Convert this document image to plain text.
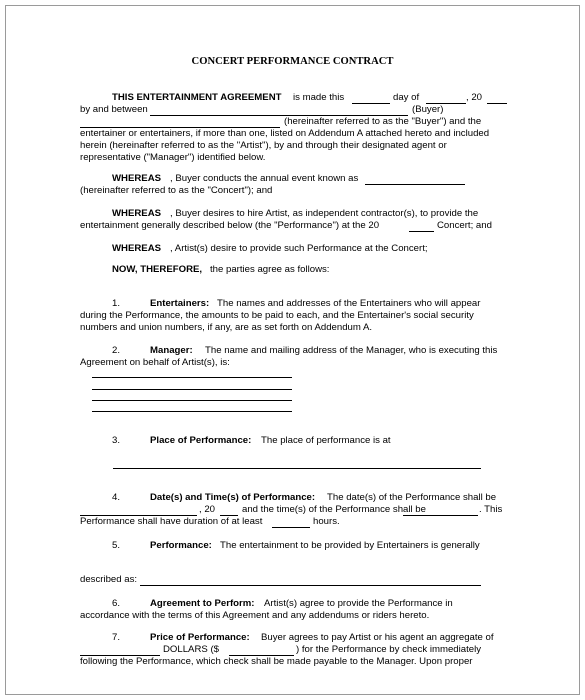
CONCERT PERFORMANCE CONTRACT
THIS ENTERTAINMENT AGREEMENT is made this	day of	, 20
by and between	(Buyer)
(hereinafter referred to as the "Buyer") and the
entertainer or entertainers, if more than one, listed on Addendum A attached hereto and included
herein (hereinafter referred to as the "Artist"), by and through their designated agent or
representative ("Manager") identified below.
WHEREAS , Buyer conducts the annual event known as
(hereinafter referred to as the "Concert"); and
WHEREAS , Buyer desires to hire Artist, as independent contractor(s), to provide the
entertainment generally described below (the "Performance") at the 20	Concert; and
WHEREAS , Artist(s) desire to provide such Performance at the Concert;
NOW, THEREFORE, the parties agree as follows:
1.	Entertainers: The names and addresses of the Entertainers who will appear
during the Performance, the amounts to be paid to each, and the Entertainer's social security
numbers and union numbers, if any, are as set forth on Addendum A.
2.	Manager: The name and mailing address of the Manager, who is executing this
Agreement on behalf of Artist(s), is:
3.	Place of Performance: The place of performance is at
4.	Date(s) and Time(s) of Performance: The date(s) of the Performance shall be
, 20	and the time(s) of the Performance shall be	. This
Performance shall have duration of at least	hours.
5.	Performance: The entertainment to be provided by Entertainers is generally
described as:
6.	Agreement to Perform: Artist(s) agree to provide the Performance in
accordance with the terms of this Agreement and any addendums or riders hereto.
7.	Price of Performance: Buyer agrees to pay Artist or his agent an aggregate of
DOLLARS ($	) for the Performance by check immediately
following the Performance, which check shall be made payable to the Manager. Upon proper
